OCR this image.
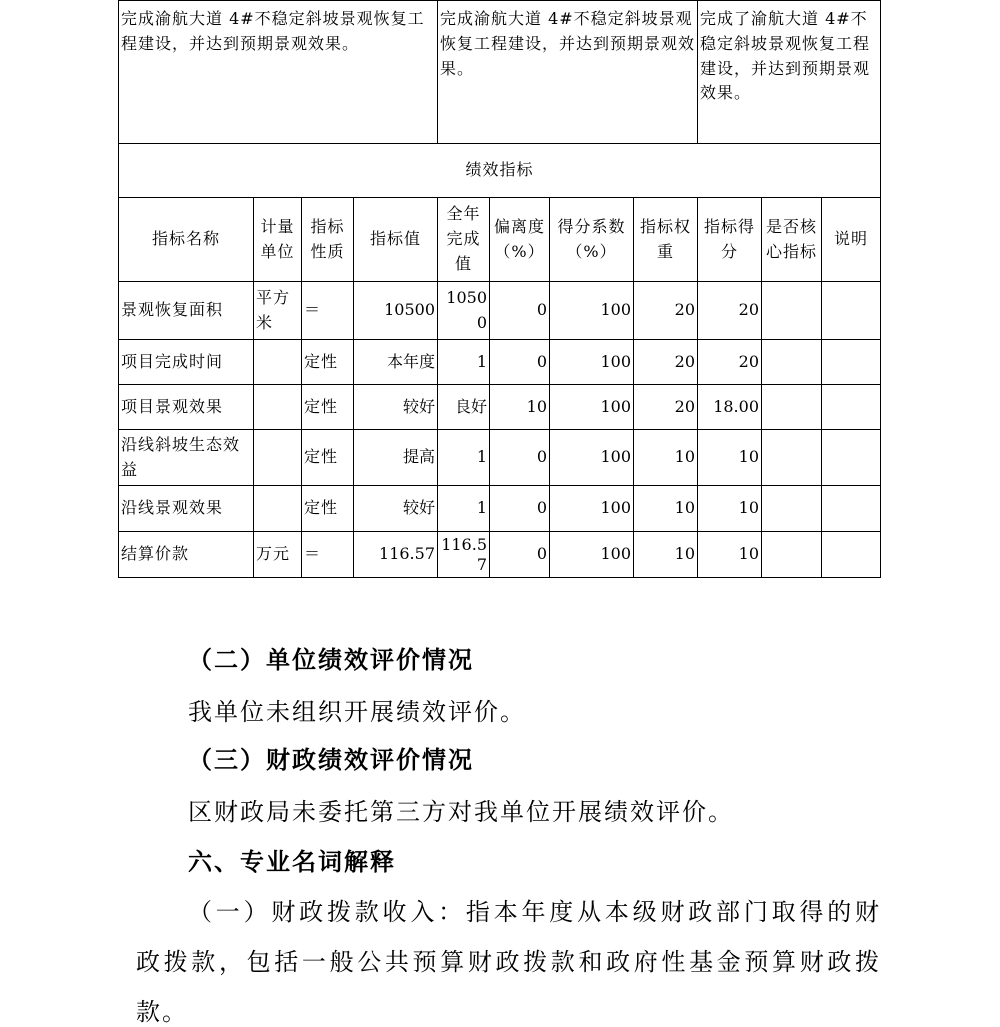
完成渝航大道 4#不稳定斜坡景观恢复工程建设，并达到预期景观效果。				完成渝航大道 4#不稳定斜坡景观恢复工程建设，并达到预期景观效果。				完成了渝航大道 4#不稳定斜坡景观恢复工程建设，并达到预期景观效果。		
绩效指标										
指标名称	计量单位	指标性质	指标值	全年完成值	偏离度（%）	得分系数（%）	指标权重	指标得分	是否核心指标	说明
景观恢复面积	平方米	＝	10500	10500	0	100	20	20		
项目完成时间		定性	本年度	1	0	100	20	20		
项目景观效果		定性	较好	良好	10	100	20	18.00		
沿线斜坡生态效益		定性	提高	1	0	100	10	10		
沿线景观效果		定性	较好	1	0	100	10	10		
结算价款	万元	＝	116.57	116.57	0	100	10	10		
（二）单位绩效评价情况
我单位未组织开展绩效评价。
（三）财政绩效评价情况
区财政局未委托第三方对我单位开展绩效评价。
六、专业名词解释
（一）财政拨款收入：指本年度从本级财政部门取得的财
政拨款，包括一般公共预算财政拨款和政府性基金预算财政拨
款。
